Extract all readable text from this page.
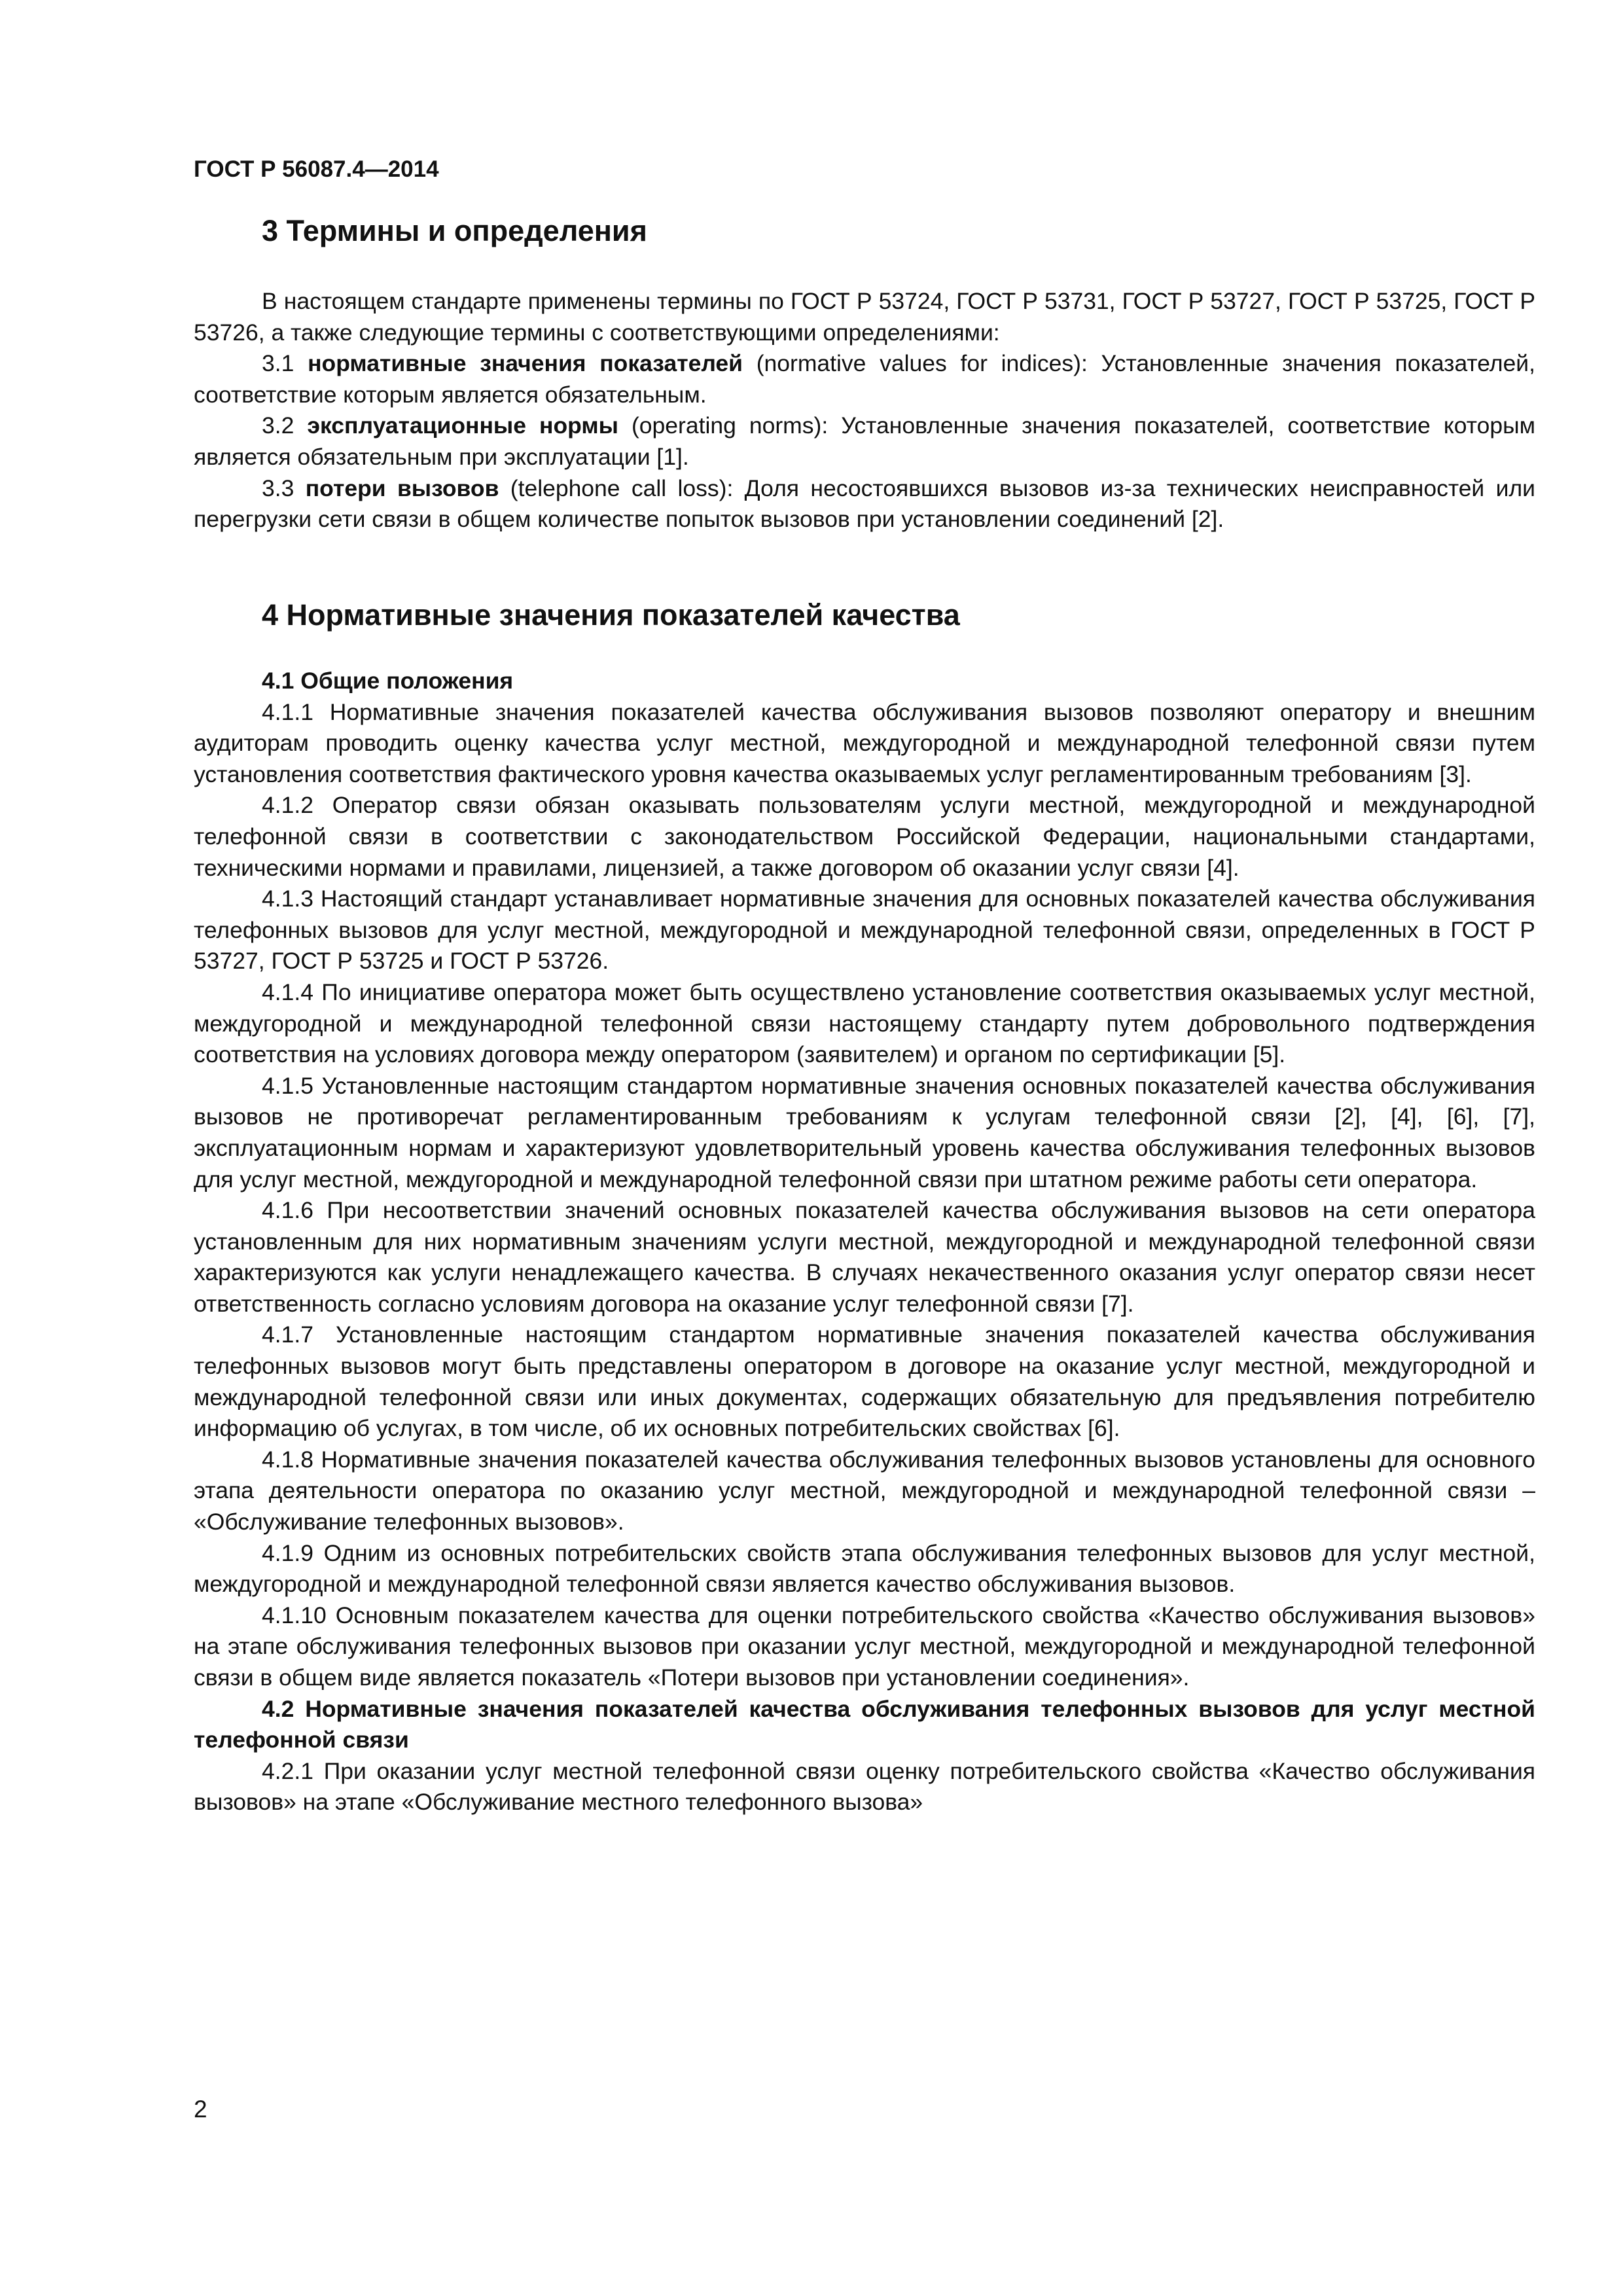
ГОСТ Р 56087.4—2014
3 Термины и определения

В настоящем стандарте применены термины по ГОСТ Р 53724, ГОСТ Р 53731, ГОСТ Р 53727, ГОСТ Р 53725, ГОСТ Р 53726, а также следующие термины с соответствующими определениями:

3.1 нормативные значения показателей (normative values for indices): Установленные значения показателей, соответствие которым является обязательным.

3.2 эксплуатационные нормы (operating norms): Установленные значения показателей, соответствие которым является обязательным при эксплуатации [1].

3.3 потери вызовов (telephone call loss): Доля несостоявшихся вызовов из-за технических неисправностей или перегрузки сети связи в общем количестве попыток вызовов при установлении соединений [2].

4 Нормативные значения показателей качества

4.1 Общие положения

4.1.1 Нормативные значения показателей качества обслуживания вызовов позволяют оператору и внешним аудиторам проводить оценку качества услуг местной, междугородной и международной телефонной связи путем установления соответствия фактического уровня качества оказываемых услуг регламентированным требованиям [3].

4.1.2 Оператор связи обязан оказывать пользователям услуги местной, междугородной и международной телефонной связи в соответствии с законодательством Российской Федерации, национальными стандартами, техническими нормами и правилами, лицензией, а также договором об оказании услуг связи [4].

4.1.3 Настоящий стандарт устанавливает нормативные значения для основных показателей качества обслуживания телефонных вызовов для услуг местной, междугородной и международной телефонной связи, определенных в ГОСТ Р 53727, ГОСТ Р 53725 и ГОСТ Р 53726.

4.1.4 По инициативе оператора может быть осуществлено установление соответствия оказываемых услуг местной, междугородной и международной телефонной связи настоящему стандарту путем добровольного подтверждения соответствия на условиях договора между оператором (заявителем) и органом по сертификации [5].

4.1.5 Установленные настоящим стандартом нормативные значения основных показателей качества обслуживания вызовов не противоречат регламентированным требованиям к услугам телефонной связи [2], [4], [6], [7], эксплуатационным нормам и характеризуют удовлетворительный уровень качества обслуживания телефонных вызовов для услуг местной, междугородной и международной телефонной связи при штатном режиме работы сети оператора.

4.1.6 При несоответствии значений основных показателей качества обслуживания вызовов на сети оператора установленным для них нормативным значениям услуги местной, междугородной и международной телефонной связи характеризуются как услуги ненадлежащего качества. В случаях некачественного оказания услуг оператор связи несет ответственность согласно условиям договора на оказание услуг телефонной связи [7].

4.1.7 Установленные настоящим стандартом нормативные значения показателей качества обслуживания телефонных вызовов могут быть представлены оператором в договоре на оказание услуг местной, междугородной и международной телефонной связи или иных документах, содержащих обязательную для предъявления потребителю информацию об услугах, в том числе, об их основных потребительских свойствах [6].

4.1.8 Нормативные значения показателей качества обслуживания телефонных вызовов установлены для основного этапа деятельности оператора по оказанию услуг местной, междугородной и международной телефонной связи – «Обслуживание телефонных вызовов».

4.1.9 Одним из основных потребительских свойств этапа обслуживания телефонных вызовов для услуг местной, междугородной и международной телефонной связи является качество обслуживания вызовов.

4.1.10 Основным показателем качества для оценки потребительского свойства «Качество обслуживания вызовов» на этапе обслуживания телефонных вызовов при оказании услуг местной, междугородной и международной телефонной связи в общем виде является показатель «Потери вызовов при установлении соединения».

4.2 Нормативные значения показателей качества обслуживания телефонных вызовов для услуг местной телефонной связи

4.2.1 При оказании услуг местной телефонной связи оценку потребительского свойства «Качество обслуживания вызовов» на этапе «Обслуживание местного телефонного вызова»

2
